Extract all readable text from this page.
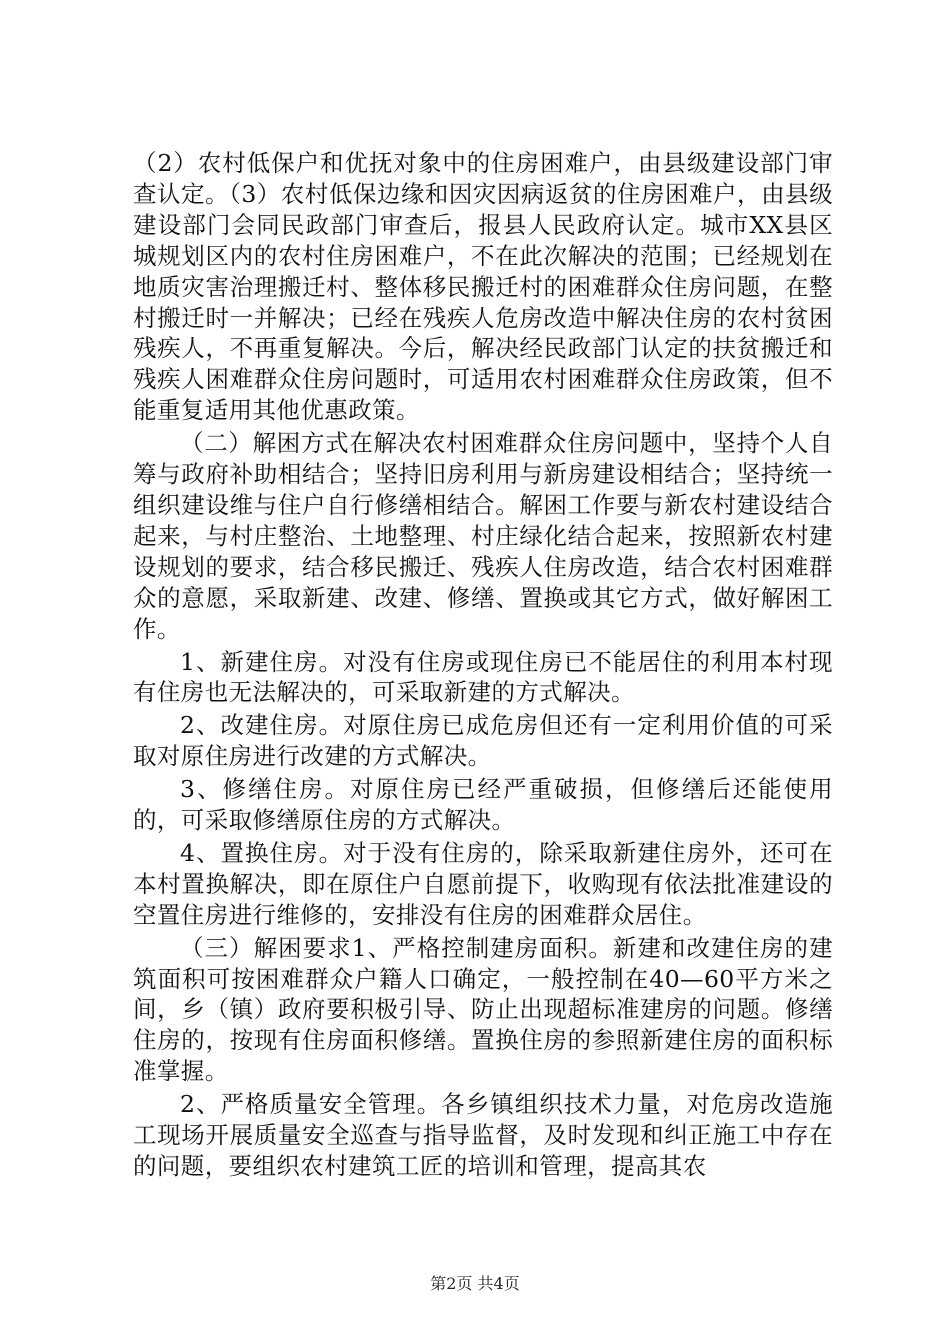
（2）农村低保户和优抚对象中的住房困难户，由县级建设部门审查认定。（3）农村低保边缘和因灾因病返贫的住房困难户，由县级建设部门会同民政部门审查后，报县人民政府认定。城市XX县区城规划区内的农村住房困难户，不在此次解决的范围；已经规划在地质灾害治理搬迁村、整体移民搬迁村的困难群众住房问题，在整村搬迁时一并解决；已经在残疾人危房改造中解决住房的农村贫困残疾人，不再重复解决。今后，解决经民政部门认定的扶贫搬迁和残疾人困难群众住房问题时，可适用农村困难群众住房政策，但不能重复适用其他优惠政策。

（二）解困方式在解决农村困难群众住房问题中，坚持个人自筹与政府补助相结合；坚持旧房利用与新房建设相结合；坚持统一组织建设维与住户自行修缮相结合。解困工作要与新农村建设结合起来，与村庄整治、土地整理、村庄绿化结合起来，按照新农村建设规划的要求，结合移民搬迁、残疾人住房改造，结合农村困难群众的意愿，采取新建、改建、修缮、置换或其它方式，做好解困工作。

1、新建住房。对没有住房或现住房已不能居住的利用本村现有住房也无法解决的，可采取新建的方式解决。

2、改建住房。对原住房已成危房但还有一定利用价值的可采取对原住房进行改建的方式解决。

3、修缮住房。对原住房已经严重破损，但修缮后还能使用的，可采取修缮原住房的方式解决。

4、置换住房。对于没有住房的，除采取新建住房外，还可在本村置换解决，即在原住户自愿前提下，收购现有依法批准建设的空置住房进行维修的，安排没有住房的困难群众居住。

（三）解困要求1、严格控制建房面积。新建和改建住房的建筑面积可按困难群众户籍人口确定，一般控制在40—60平方米之间，乡（镇）政府要积极引导、防止出现超标准建房的问题。修缮住房的，按现有住房面积修缮。置换住房的参照新建住房的面积标准掌握。

2、严格质量安全管理。各乡镇组织技术力量，对危房改造施工现场开展质量安全巡查与指导监督，及时发现和纠正施工中存在的问题，要组织农村建筑工匠的培训和管理，提高其农

第2页 共4页
